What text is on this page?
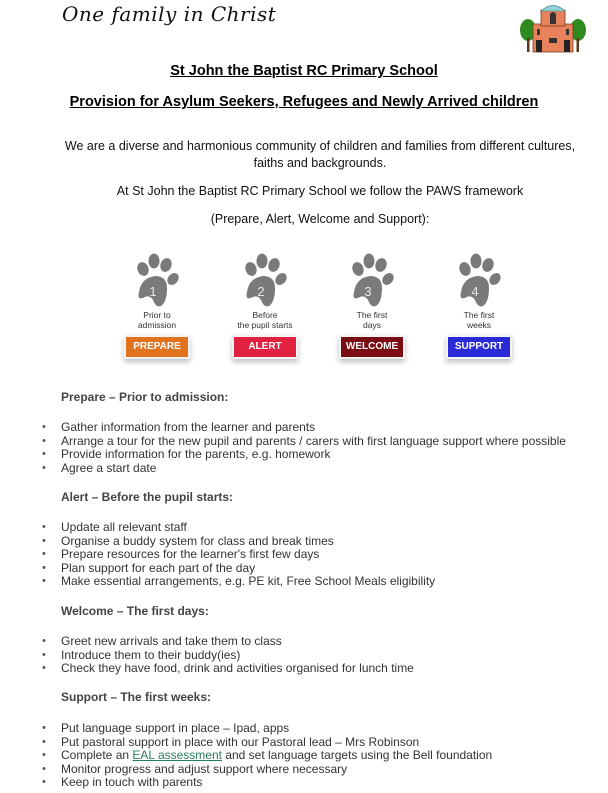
One family in Christ
St John the Baptist RC Primary School
Provision for Asylum Seekers, Refugees and Newly Arrived children
We are a diverse and harmonious community of children and families from different cultures, faiths and backgrounds.
At St John the Baptist RC Primary School we follow the PAWS framework
(Prepare, Alert, Welcome and Support):
1
Prior to
admission
PREPARE
2
Before
the pupil starts
ALERT
3
The first
days
WELCOME
4
The first
weeks
SUPPORT
Prepare – Prior to admission:
• Gather information from the learner and parents
• Arrange a tour for the new pupil and parents / carers with first language support where possible
• Provide information for the parents, e.g. homework
• Agree a start date
Alert – Before the pupil starts:
• Update all relevant staff
• Organise a buddy system for class and break times
• Prepare resources for the learner's first few days
• Plan support for each part of the day
• Make essential arrangements, e.g. PE kit, Free School Meals eligibility
Welcome – The first days:
• Greet new arrivals and take them to class
• Introduce them to their buddy(ies)
• Check they have food, drink and activities organised for lunch time
Support – The first weeks:
• Put language support in place – Ipad, apps
• Put pastoral support in place with our Pastoral lead – Mrs Robinson
• Complete an EAL assessment and set language targets using the Bell foundation
• Monitor progress and adjust support where necessary
• Keep in touch with parents
